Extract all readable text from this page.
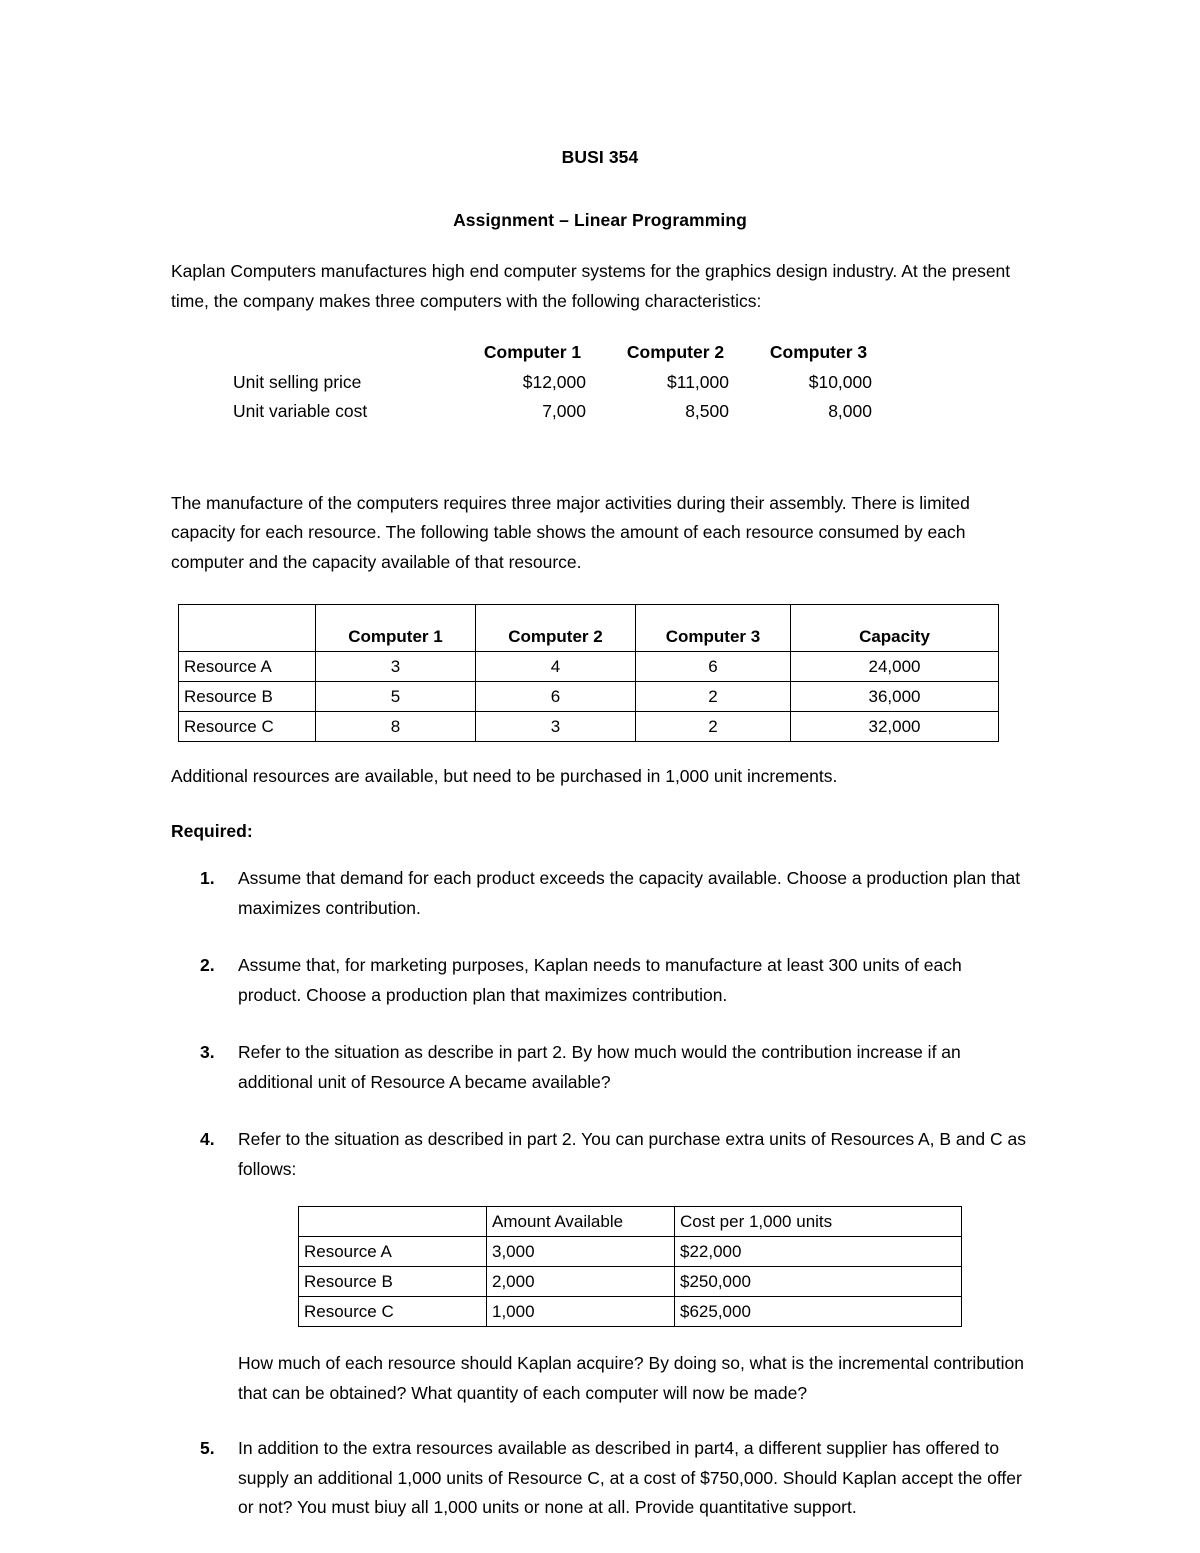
BUSI 354
Assignment – Linear Programming

Kaplan Computers manufactures high end computer systems for the graphics design industry. At the present time, the company makes three computers with the following characteristics:

	Computer 1	Computer 2	Computer 3
Unit selling price	$12,000	$11,000	$10,000
Unit variable cost	7,000	8,500	8,000

The manufacture of the computers requires three major activities during their assembly. There is limited capacity for each resource. The following table shows the amount of each resource consumed by each computer and the capacity available of that resource.

	Computer 1	Computer 2	Computer 3	Capacity
Resource A	3	4	6	24,000
Resource B	5	6	2	36,000
Resource C	8	3	2	32,000

Additional resources are available, but need to be purchased in 1,000 unit increments.

Required:
1. Assume that demand for each product exceeds the capacity available. Choose a production plan that maximizes contribution.
2. Assume that, for marketing purposes, Kaplan needs to manufacture at least 300 units of each product. Choose a production plan that maximizes contribution.
3. Refer to the situation as describe in part 2. By how much would the contribution increase if an additional unit of Resource A became available?
4. Refer to the situation as described in part 2. You can purchase extra units of Resources A, B and C as follows:
	Amount Available	Cost per 1,000 units
Resource A	3,000	$22,000
Resource B	2,000	$250,000
Resource C	1,000	$625,000
How much of each resource should Kaplan acquire? By doing so, what is the incremental contribution that can be obtained? What quantity of each computer will now be made?
5. In addition to the extra resources available as described in part4, a different supplier has offered to supply an additional 1,000 units of Resource C, at a cost of $750,000. Should Kaplan accept the offer or not? You must biuy all 1,000 units or none at all. Provide quantitative support.
